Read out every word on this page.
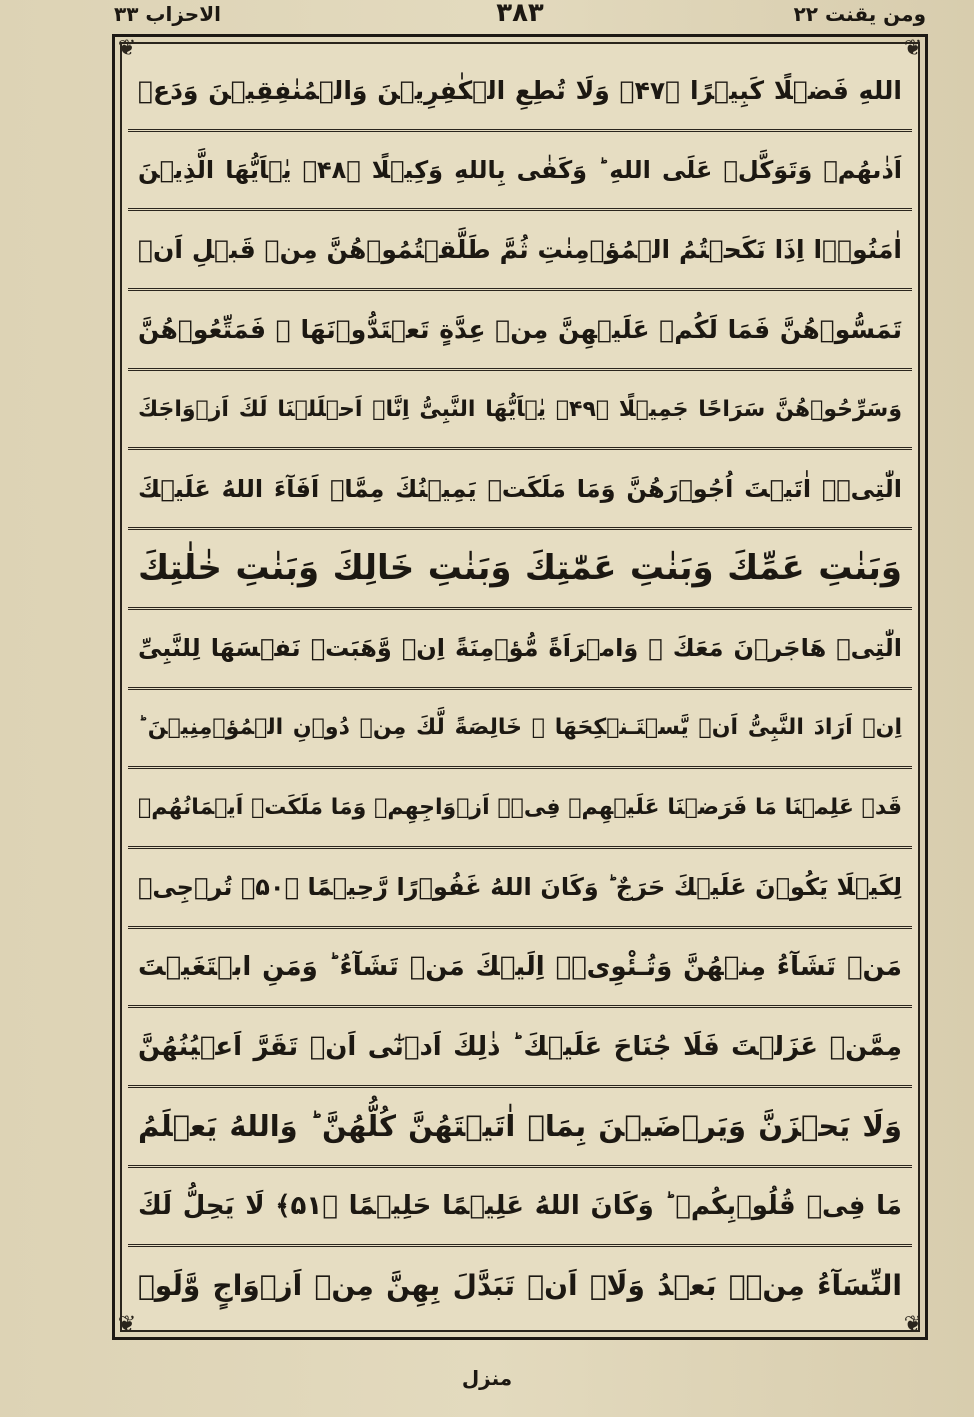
الاحزاب ۳۳	۳۸۳	ومن یقنت ۲۲
❦	❦
❦	❦
اللهِ فَضۡلًا كَبِيۡرًا ﴿۴۷﴾ وَلَا تُطِعِ الۡكٰفِرِيۡنَ وَالۡمُنٰفِقِيۡنَ وَدَعۡ
اَذٰىهُمۡ وَتَوَكَّلۡ عَلَى اللهِ ؕ وَكَفٰى بِاللهِ وَكِيۡلًا ﴿۴۸﴾ يٰۤاَيُّهَا الَّذِيۡنَ
اٰمَنُوۡۤا اِذَا نَكَحۡتُمُ الۡمُؤۡمِنٰتِ ثُمَّ طَلَّقۡتُمُوۡهُنَّ مِنۡ قَبۡلِ اَنۡ
تَمَسُّوۡهُنَّ فَمَا لَكُمۡ عَلَيۡهِنَّ مِنۡ عِدَّةٍ تَعۡتَدُّوۡنَهَا ۚ فَمَتِّعُوۡهُنَّ
وَسَرِّحُوۡهُنَّ سَرَاحًا جَمِيۡلًا ﴿۴۹﴾ يٰۤاَيُّهَا النَّبِىُّ اِنَّاۤ اَحۡلَلۡنَا لَكَ اَزۡوَاجَكَ
الّٰتِىۡۤ اٰتَيۡتَ اُجُوۡرَهُنَّ وَمَا مَلَكَتۡ يَمِيۡنُكَ مِمَّاۤ اَفَآءَ اللهُ عَلَيۡكَ
وَبَنٰتِ عَمِّكَ وَبَنٰتِ عَمّٰتِكَ وَبَنٰتِ خَالِكَ وَبَنٰتِ خٰلٰتِكَ
الّٰتِىۡ هَاجَرۡنَ مَعَكَ ۫ وَامۡرَاَةً مُّؤۡمِنَةً اِنۡ وَّهَبَتۡ نَفۡسَهَا لِلنَّبِىِّ
اِنۡ اَرَادَ النَّبِىُّ اَنۡ يَّسۡتَـنۡكِحَهَا ۗ خَالِصَةً لَّكَ مِنۡ دُوۡنِ الۡمُؤۡمِنِيۡنَ ؕ
قَدۡ عَلِمۡنَا مَا فَرَضۡنَا عَلَيۡهِمۡ فِىۡۤ اَزۡوَاجِهِمۡ وَمَا مَلَكَتۡ اَيۡمَانُهُمۡ
لِكَيۡلَا يَكُوۡنَ عَلَيۡكَ حَرَجٌ ؕ وَكَانَ اللهُ غَفُوۡرًا رَّحِيۡمًا ﴿۵۰﴾ تُرۡجِىۡ
مَنۡ تَشَآءُ مِنۡهُنَّ وَتُـئْوِىۡۤ اِلَيۡكَ مَنۡ تَشَآءُ ؕ وَمَنِ ابۡتَغَيۡتَ
مِمَّنۡ عَزَلۡتَ فَلَا جُنَاحَ عَلَيۡكَ ؕ ذٰلِكَ اَدۡنٰٓى اَنۡ تَقَرَّ اَعۡيُنُهُنَّ
وَلَا يَحۡزَنَّ وَيَرۡضَيۡنَ بِمَاۤ اٰتَيۡتَهُنَّ كُلُّهُنَّ ؕ وَاللهُ يَعۡلَمُ
مَا فِىۡ قُلُوۡبِكُمۡ ؕ وَكَانَ اللهُ عَلِيۡمًا حَلِيۡمًا ﴿۵۱﴾ لَا يَحِلُّ لَكَ
النِّسَآءُ مِنۡۢ بَعۡدُ وَلَاۤ اَنۡ تَبَدَّلَ بِهِنَّ مِنۡ اَزۡوَاجٍ وَّلَوۡ
منزل
